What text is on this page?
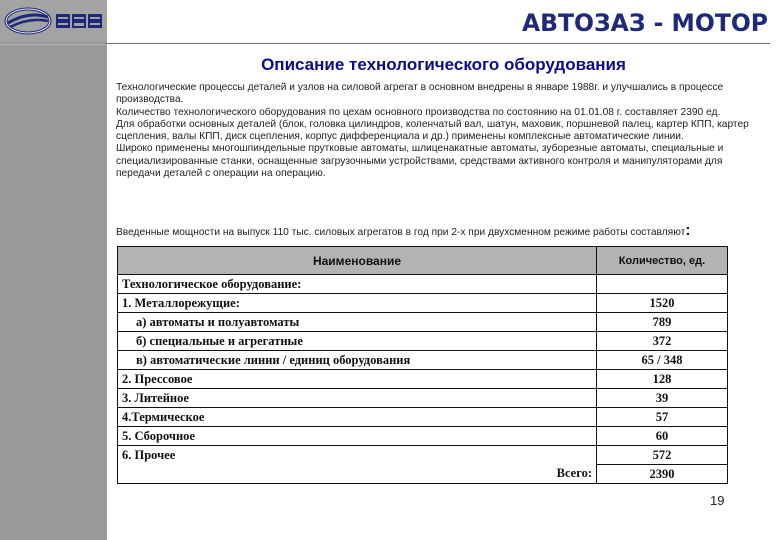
АВТОЗАЗ - МОТОР
Описание технологического оборудования

Технологические процессы деталей и узлов на силовой агрегат в основном внедрены в январе 1988г. и улучшались в процессе производства.

Количество технологического оборудования по цехам основного производства по состоянию на 01.01.08 г. составляет 2390 ед.

Для обработки основных деталей (блок, головка цилиндров, коленчатый вал, шатун, маховик, поршневой палец, картер КПП, картер сцепления, валы КПП, диск сцепления, корпус дифференциала и др.) применены комплексные автоматические линии.

Широко применены многошпиндельные прутковые автоматы, шлиценакатные автоматы, зуборезные автоматы, специальные и специализированные станки, оснащенные загрузочными устройствами, средствами активного контроля и манипуляторами для передачи деталей с операции на операцию.

Введенные мощности на выпуск 110 тыс. силовых агрегатов в год при 2-х при двухсменном режиме работы составляют:
Наименование	Количество, ед.
Технологическое оборудование:	
1. Металлорежущие:	1520
а) автоматы и полуавтоматы	789
б) специальные и агрегатные	372
в) автоматические линии / единиц оборудования	65 / 348
2. Прессовое	128
3. Литейное	39
4.Термическое	57
5. Сборочное	60
6. Прочее	572
Всего:	2390
19
